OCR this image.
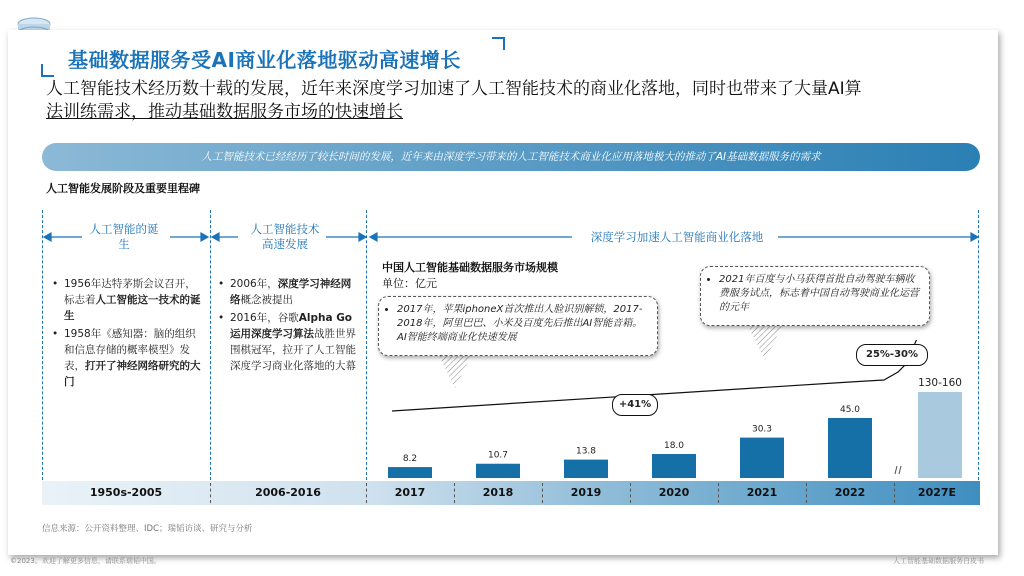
基础数据服务受AI商业化落地驱动高速增长
人工智能技术经历数十载的发展，近年来深度学习加速了人工智能技术的商业化落地，同时也带来了大量AI算
法训练需求，推动基础数据服务市场的快速增长
人工智能技术已经经历了较长时间的发展，近年来由深度学习带来的人工智能技术商业化应用落地极大的推动了AI基础数据服务的需求
人工智能发展阶段及重要里程碑
人工智能的诞生
人工智能技术
高速发展	深度学习加速人工智能商业化落地
• 1956年达特茅斯会议召开，标志着人工智能这一技术的诞生
• 1958年《感知器：脑的组织和信息存储的概率模型》发表，打开了神经网络研究的大门
• 2006年，深度学习神经网络概念被提出
• 2016年，谷歌Alpha Go运用深度学习算法战胜世界围棋冠军，拉开了人工智能深度学习商业化落地的大幕
中国人工智能基础数据服务市场规模
单位：亿元
• 2017年，苹果iphoneX首次推出人脸识别解锁，2017-2018年，阿里巴巴、小米及百度先后推出AI智能音箱。AI智能终端商业化快速发展
• 2021年百度与小马获得首批自动驾驶车辆收费服务试点，标志着中国自动驾驶商业化运营的元年
8.2	10.7	13.8
18.0
30.3
45.0
130-160
+41%
25%-30%
1950s-2005	2006-2016	2017	2018	2019	2020	2021	2022	2027E
信息来源：公开资料整理、IDC；瑞韬访谈、研究与分析
©2023。欢迎了解更多信息，请联系瑞韬中国。	人工智能基础数据服务白皮书
